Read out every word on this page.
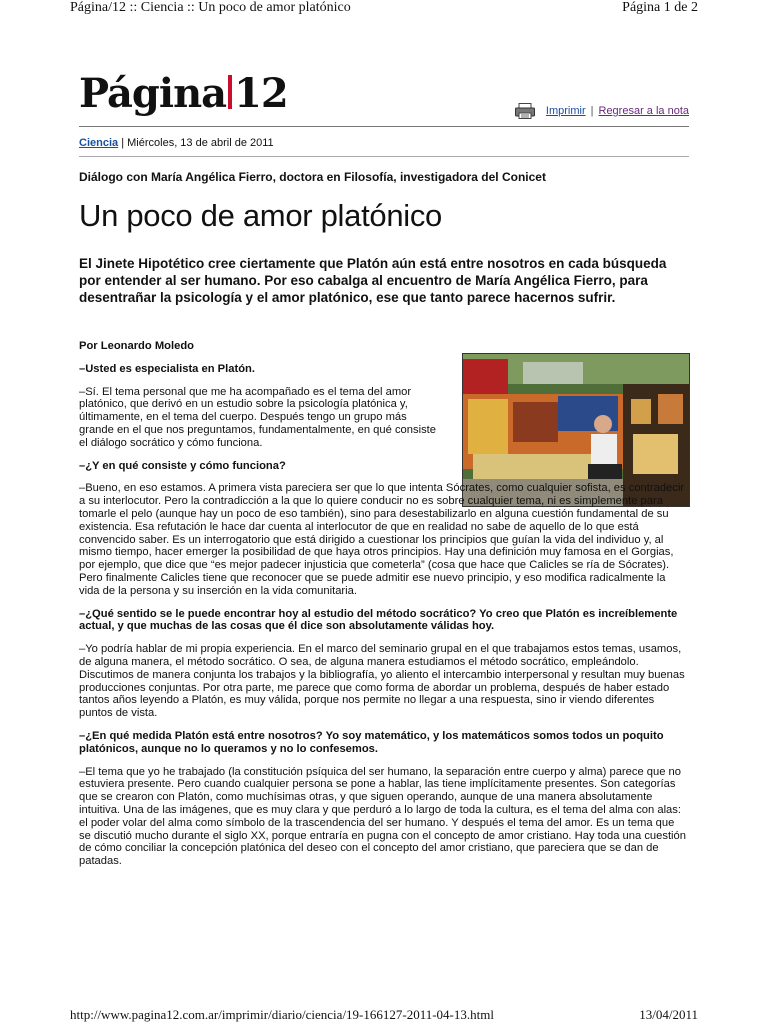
Página/12 :: Ciencia :: Un poco de amor platónico	Página 1 de 2
Página 12	Imprimir | Regresar a la nota
Ciencia | Miércoles, 13 de abril de 2011
Diálogo con María Angélica Fierro, doctora en Filosofía, investigadora del Conicet
Un poco de amor platónico
El Jinete Hipotético cree ciertamente que Platón aún está entre nosotros en cada búsqueda por entender al ser humano. Por eso cabalga al encuentro de María Angélica Fierro, para desentrañar la psicología y el amor platónico, ese que tanto parece hacernos sufrir.

Por Leonardo Moledo

–Usted es especialista en Platón.

–Sí. El tema personal que me ha acompañado es el tema del amor platónico, que derivó en un estudio sobre la psicología platónica y, últimamente, en el tema del cuerpo. Después tengo un grupo más grande en el que nos preguntamos, fundamentalmente, en qué consiste el diálogo socrático y cómo funciona.

–¿Y en qué consiste y cómo funciona?

–Bueno, en eso estamos. A primera vista pareciera ser que lo que intenta Sócrates, como cualquier sofista, es contradecir a su interlocutor. Pero la contradicción a la que lo quiere conducir no es sobre cualquier tema, ni es simplemente para tomarle el pelo (aunque hay un poco de eso también), sino para desestabilizarlo en alguna cuestión fundamental de su existencia. Esa refutación le hace dar cuenta al interlocutor de que en realidad no sabe de aquello de lo que está convencido saber. Es un interrogatorio que está dirigido a cuestionar los principios que guían la vida del individuo y, al mismo tiempo, hacer emerger la posibilidad de que haya otros principios. Hay una definición muy famosa en el Gorgias, por ejemplo, que dice que “es mejor padecer injusticia que cometerla” (cosa que hace que Calicles se ría de Sócrates). Pero finalmente Calicles tiene que reconocer que se puede admitir ese nuevo principio, y eso modifica radicalmente la vida de la persona y su inserción en la vida comunitaria.

–¿Qué sentido se le puede encontrar hoy al estudio del método socrático? Yo creo que Platón es increíblemente actual, y que muchas de las cosas que él dice son absolutamente válidas hoy.

–Yo podría hablar de mi propia experiencia. En el marco del seminario grupal en el que trabajamos estos temas, usamos, de alguna manera, el método socrático. O sea, de alguna manera estudiamos el método socrático, empleándolo. Discutimos de manera conjunta los trabajos y la bibliografía, yo aliento el intercambio interpersonal y resultan muy buenas producciones conjuntas. Por otra parte, me parece que como forma de abordar un problema, después de haber estado tantos años leyendo a Platón, es muy válida, porque nos permite no llegar a una respuesta, sino ir viendo diferentes puntos de vista.

–¿En qué medida Platón está entre nosotros? Yo soy matemático, y los matemáticos somos todos un poquito platónicos, aunque no lo queramos y no lo confesemos.

–El tema que yo he trabajado (la constitución psíquica del ser humano, la separación entre cuerpo y alma) parece que no estuviera presente. Pero cuando cualquier persona se pone a hablar, las tiene implícitamente presentes. Son categorías que se crearon con Platón, como muchísimas otras, y que siguen operando, aunque de una manera absolutamente intuitiva. Una de las imágenes, que es muy clara y que perduró a lo largo de toda la cultura, es el tema del alma con alas: el poder volar del alma como símbolo de la trascendencia del ser humano. Y después el tema del amor. Es un tema que se discutió mucho durante el siglo XX, porque entraría en pugna con el concepto de amor cristiano. Hay toda una cuestión de cómo conciliar la concepción platónica del deseo con el concepto del amor cristiano, que pareciera que se dan de patadas.

http://www.pagina12.com.ar/imprimir/diario/ciencia/19-166127-2011-04-13.html	13/04/2011
